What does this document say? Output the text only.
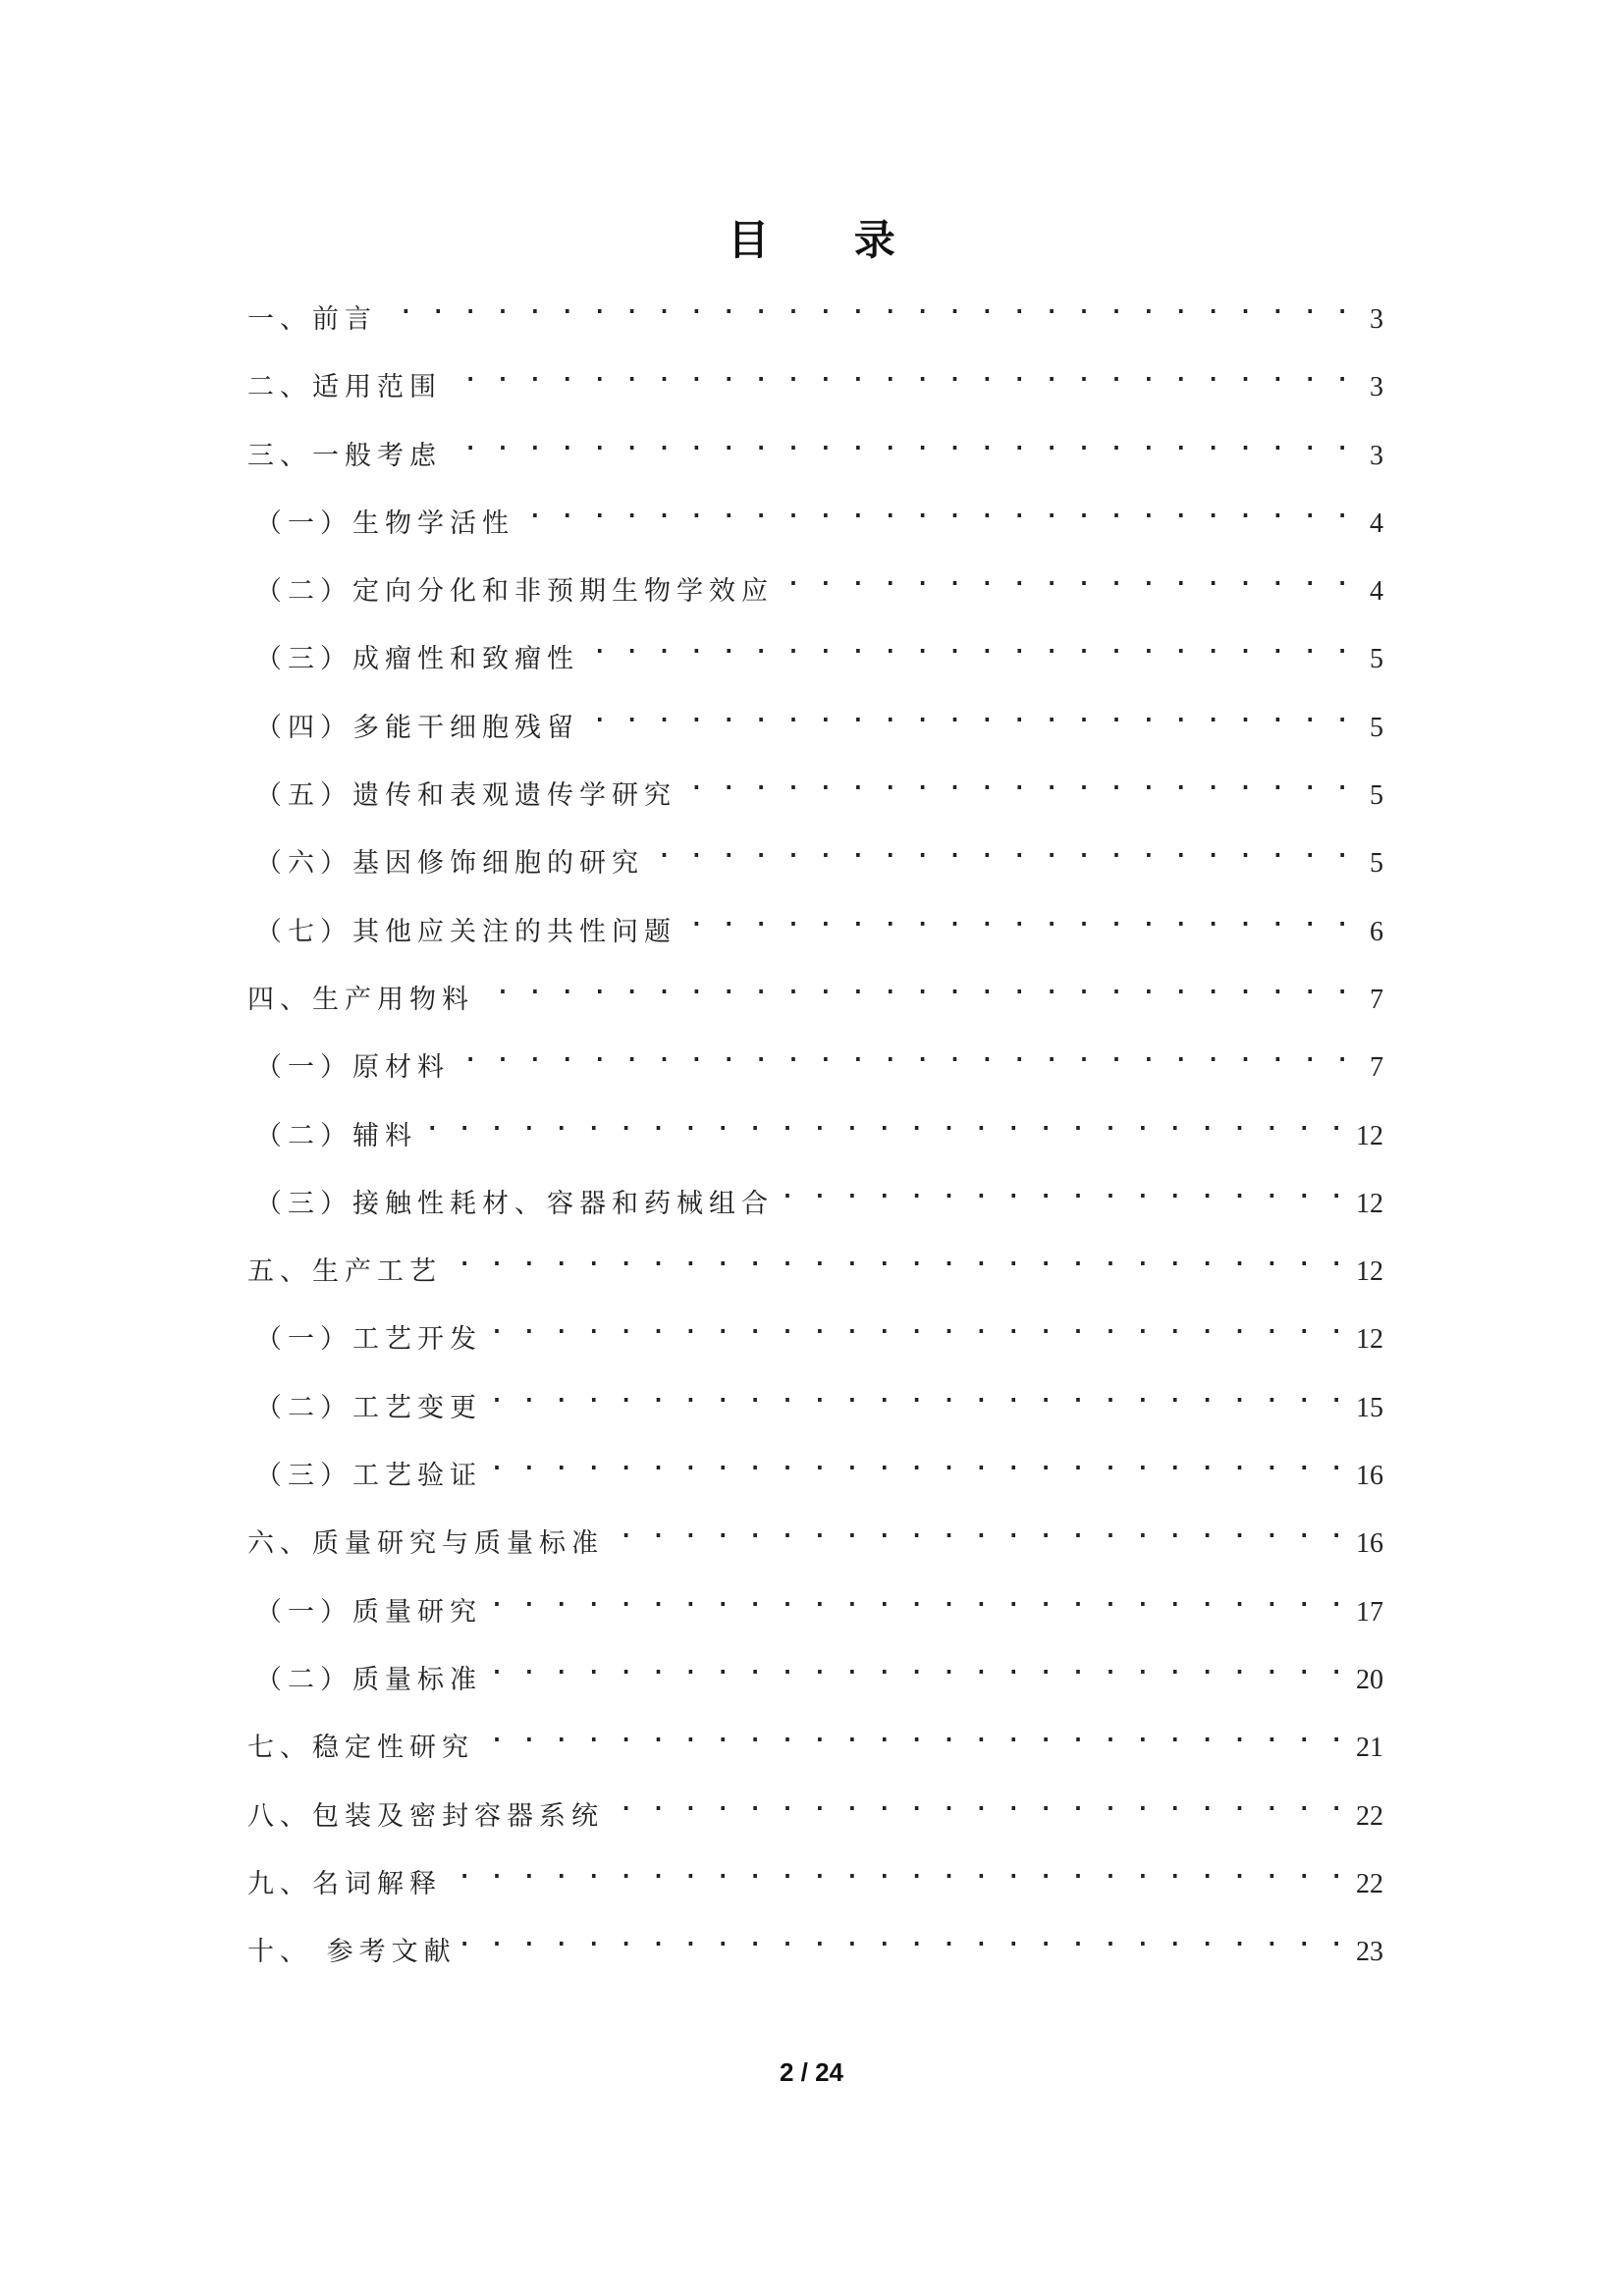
目 录
一、前言 . . .	3
二、适用范围 . . .	3
三、一般考虑 . . .	3
（一）生物学活性 . . .	4
（二）定向分化和非预期生物学效应 . . .	4
（三）成瘤性和致瘤性 . . .	5
（四）多能干细胞残留 . . .	5
（五）遗传和表观遗传学研究 . . .	5
（六）基因修饰细胞的研究 . . .	5
（七）其他应关注的共性问题 . . .	6
四、生产用物料 . . .	7
（一）原材料 . . .	7
（二）辅料 . . .	12
（三）接触性耗材、容器和药械组合 . . .	12
五、生产工艺 . . .	12
（一）工艺开发 . . .	12
（二）工艺变更 . . .	15
（三）工艺验证 . . .	16
六、质量研究与质量标准 . . .	16
（一）质量研究 . . .	17
（二）质量标准 . . .	20
七、稳定性研究 . . .	21
八、包装及密封容器系统 . . .	22
九、名词解释 . . .	22
十、 参考文献 . . .	23
2 / 24
